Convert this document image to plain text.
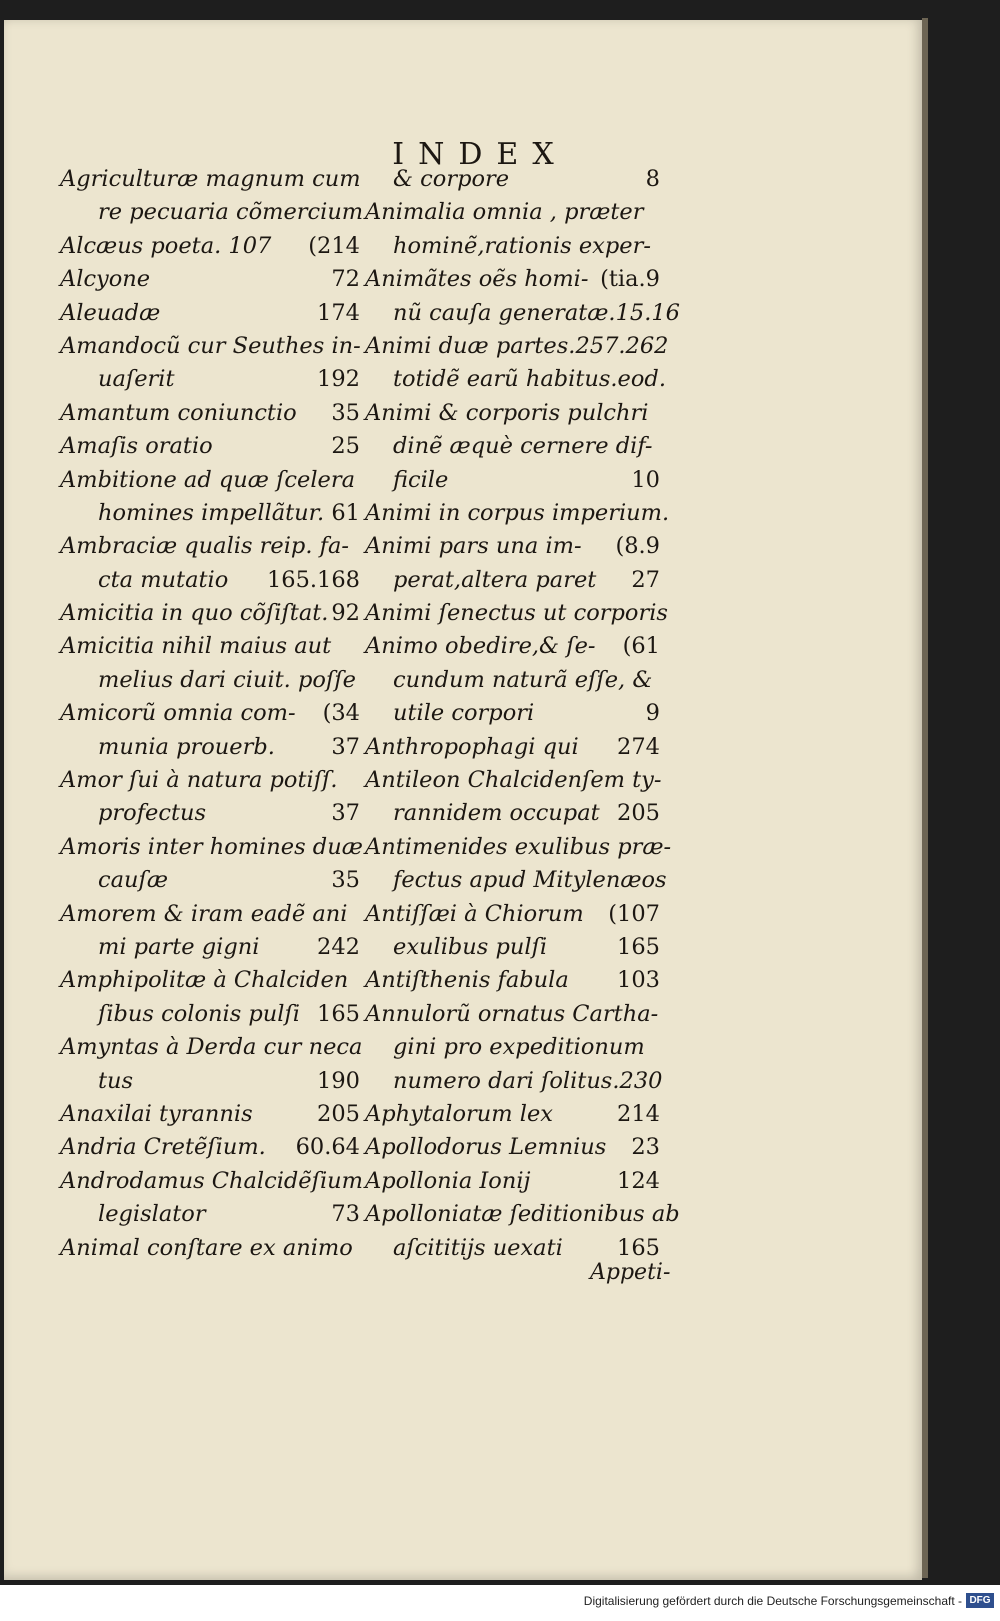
INDEX
Agriculturæ magnum cum
re pecuaria cõmercium
Alcæus poeta. 107 (214
Alcyone	72
Aleuadæ	174
Amandocũ cur Seuthes in-
uaſerit	192
Amantum coniunctio 35
Amaſis oratio	25
Ambitione ad quæ ſcelera
homines impellãtur. 61
Ambraciæ qualis reip. fa-
cta mutatio 165.168
Amicitia in quo cõſiſtat. 92
Amicitia nihil maius aut
melius dari ciuit. poſſe
Amicorũ omnia com- (34
munia prouerb.	37
Amor ſui à natura potiſſ.
profectus	37
Amoris inter homines duæ
cauſæ	35
Amorem & iram eadẽ ani
mi parte gigni	242
Amphipolitæ à Chalciden
ſibus colonis pulſi 165
Amyntas à Derda cur neca
tus	190
Anaxilai tyrannis	205
Andria Cretẽſium. 60.64
Androdamus Chalcidẽſium
legislator	73
Animal conſtare ex animo
& corpore	8
Animalia omnia , præter
hominẽ,rationis exper-
Animãtes oẽs homi- (tia.9
nũ cauſa generatæ.15.16
Animi duæ partes.257.262
totidẽ earũ habitus.eod.
Animi & corporis pulchri
dinẽ æquè cernere dif-
ficile	10
Animi in corpus imperium.
Animi pars una im- (8.9
perat,altera paret 27
Animi ſenectus ut corporis
Animo obedire,& ſe- (61
cundum naturã eſſe, &
utile corpori	9
Anthropophagi qui 274
Antileon Chalcidenſem ty-
rannidem occupat 205
Antimenides exulibus præ-
fectus apud Mitylenæos
Antiſſæi à Chiorum (107
exulibus pulſi	165
Antiſthenis fabula 103
Annulorũ ornatus Cartha-
gini pro expeditionum
numero dari ſolitus.230
Aphytalorum lex	214
Apollodorus Lemnius 23
Apollonia Ionij	124
Apolloniatæ ſeditionibus ab
aſcititijs uexati 165
Appeti-
Digitalisierung gefördert durch die Deutsche Forschungsgemeinschaft - DFG
